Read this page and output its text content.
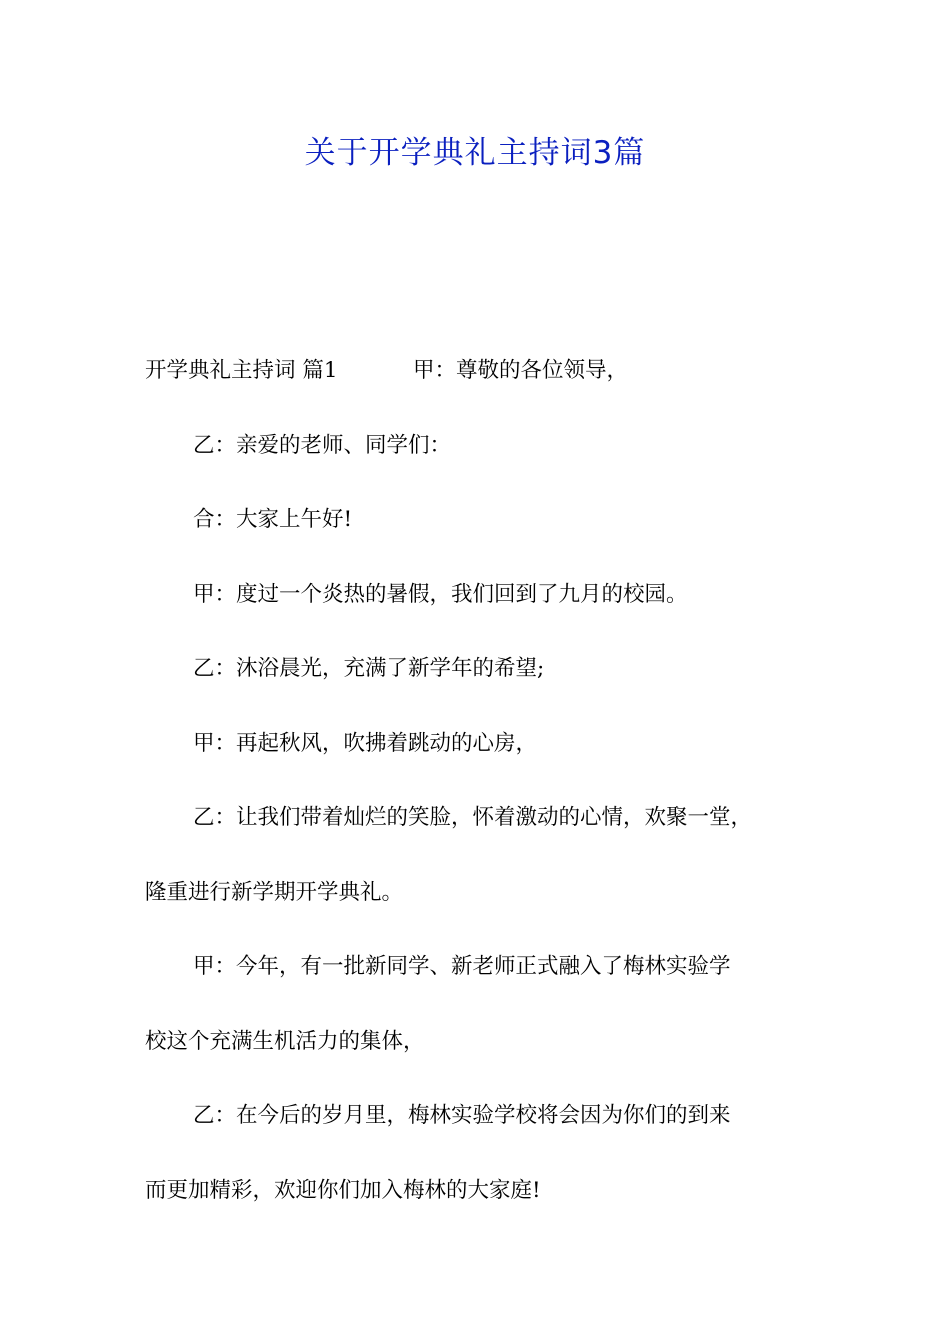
关于开学典礼主持词3篇
开学典礼主持词 篇1	甲：尊敬的各位领导，
乙：亲爱的老师、同学们：
合：大家上午好!
甲：度过一个炎热的暑假，我们回到了九月的校园。
乙：沐浴晨光，充满了新学年的希望;
甲：再起秋风，吹拂着跳动的心房，
乙：让我们带着灿烂的笑脸，怀着激动的心情，欢聚一堂，
隆重进行新学期开学典礼。
甲：今年，有一批新同学、新老师正式融入了梅林实验学
校这个充满生机活力的集体，
乙：在今后的岁月里，梅林实验学校将会因为你们的到来
而更加精彩，欢迎你们加入梅林的大家庭!
